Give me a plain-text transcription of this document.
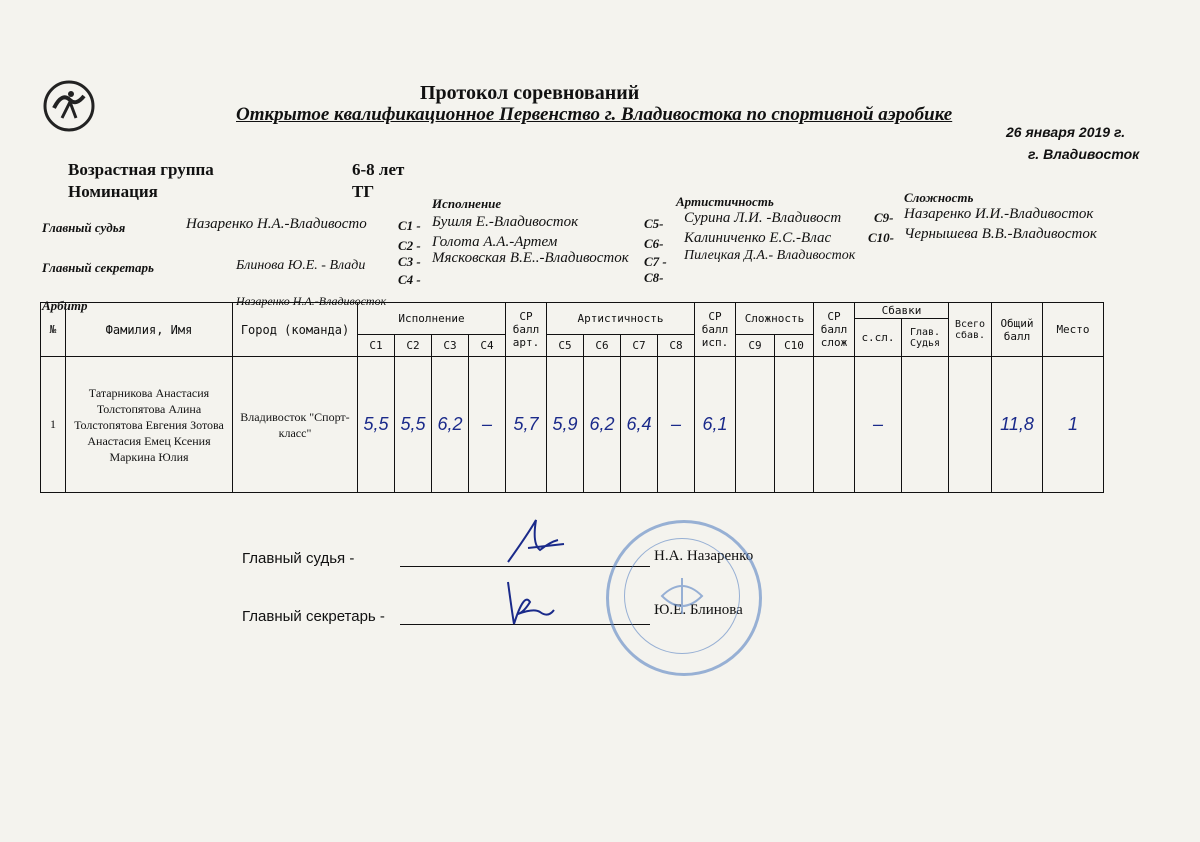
Протокол соревнований
Открытое квалификационное Первенство г. Владивостока по спортивной аэробике
26 января 2019 г.
г. Владивосток
Возрастная группа	6-8 лет
Номинация	ТГ
Исполнение	Артистичность	Сложность
Главный судья	Назаренко Н.А.-Владивосто
Главный секретарь	Блинова Ю.Е. - Влади
С1 - Бушля Е.-Владивосток
С2 - Голота А.А.-Артем
С3 - Мясковская В.Е..-Владивосток
С4 -
С5- Сурина Л.И. -Владивост
С6- Калиниченко Е.С.-Влас
С7 - Пилецкая Д.А.- Владивосток
С8-
С9- Назаренко И.И.-Владивосток
С10- Чернышева В.В.-Владивосток
Арбитр	Назаренко Н.А.-Владивосток
№	Фамилия, Имя	Город (команда)	Исполнение				СР балл арт.	Артистичность				СР балл исп.	Сложность		СР балл слож	Сбавки		Всего сбав.	Общий балл	Место
																с.сл.	Глав. Судья			
			С1	С2	С3	С4		С5	С6	С7	С8		С9	С10						
1	Татарникова Анастасия Толстопятова Алина Толстопятова Евгения Зотова Анастасия Емец Ксения Маркина Юлия	Владивосток "Спорт-класс"	5,5	5,5	6,2	–	5,7	5,9	6,2	6,4	–	6,1				–			11,8	1
Главный судья -	Н.А. Назаренко
Главный секретарь -	Ю.Е. Блинова
